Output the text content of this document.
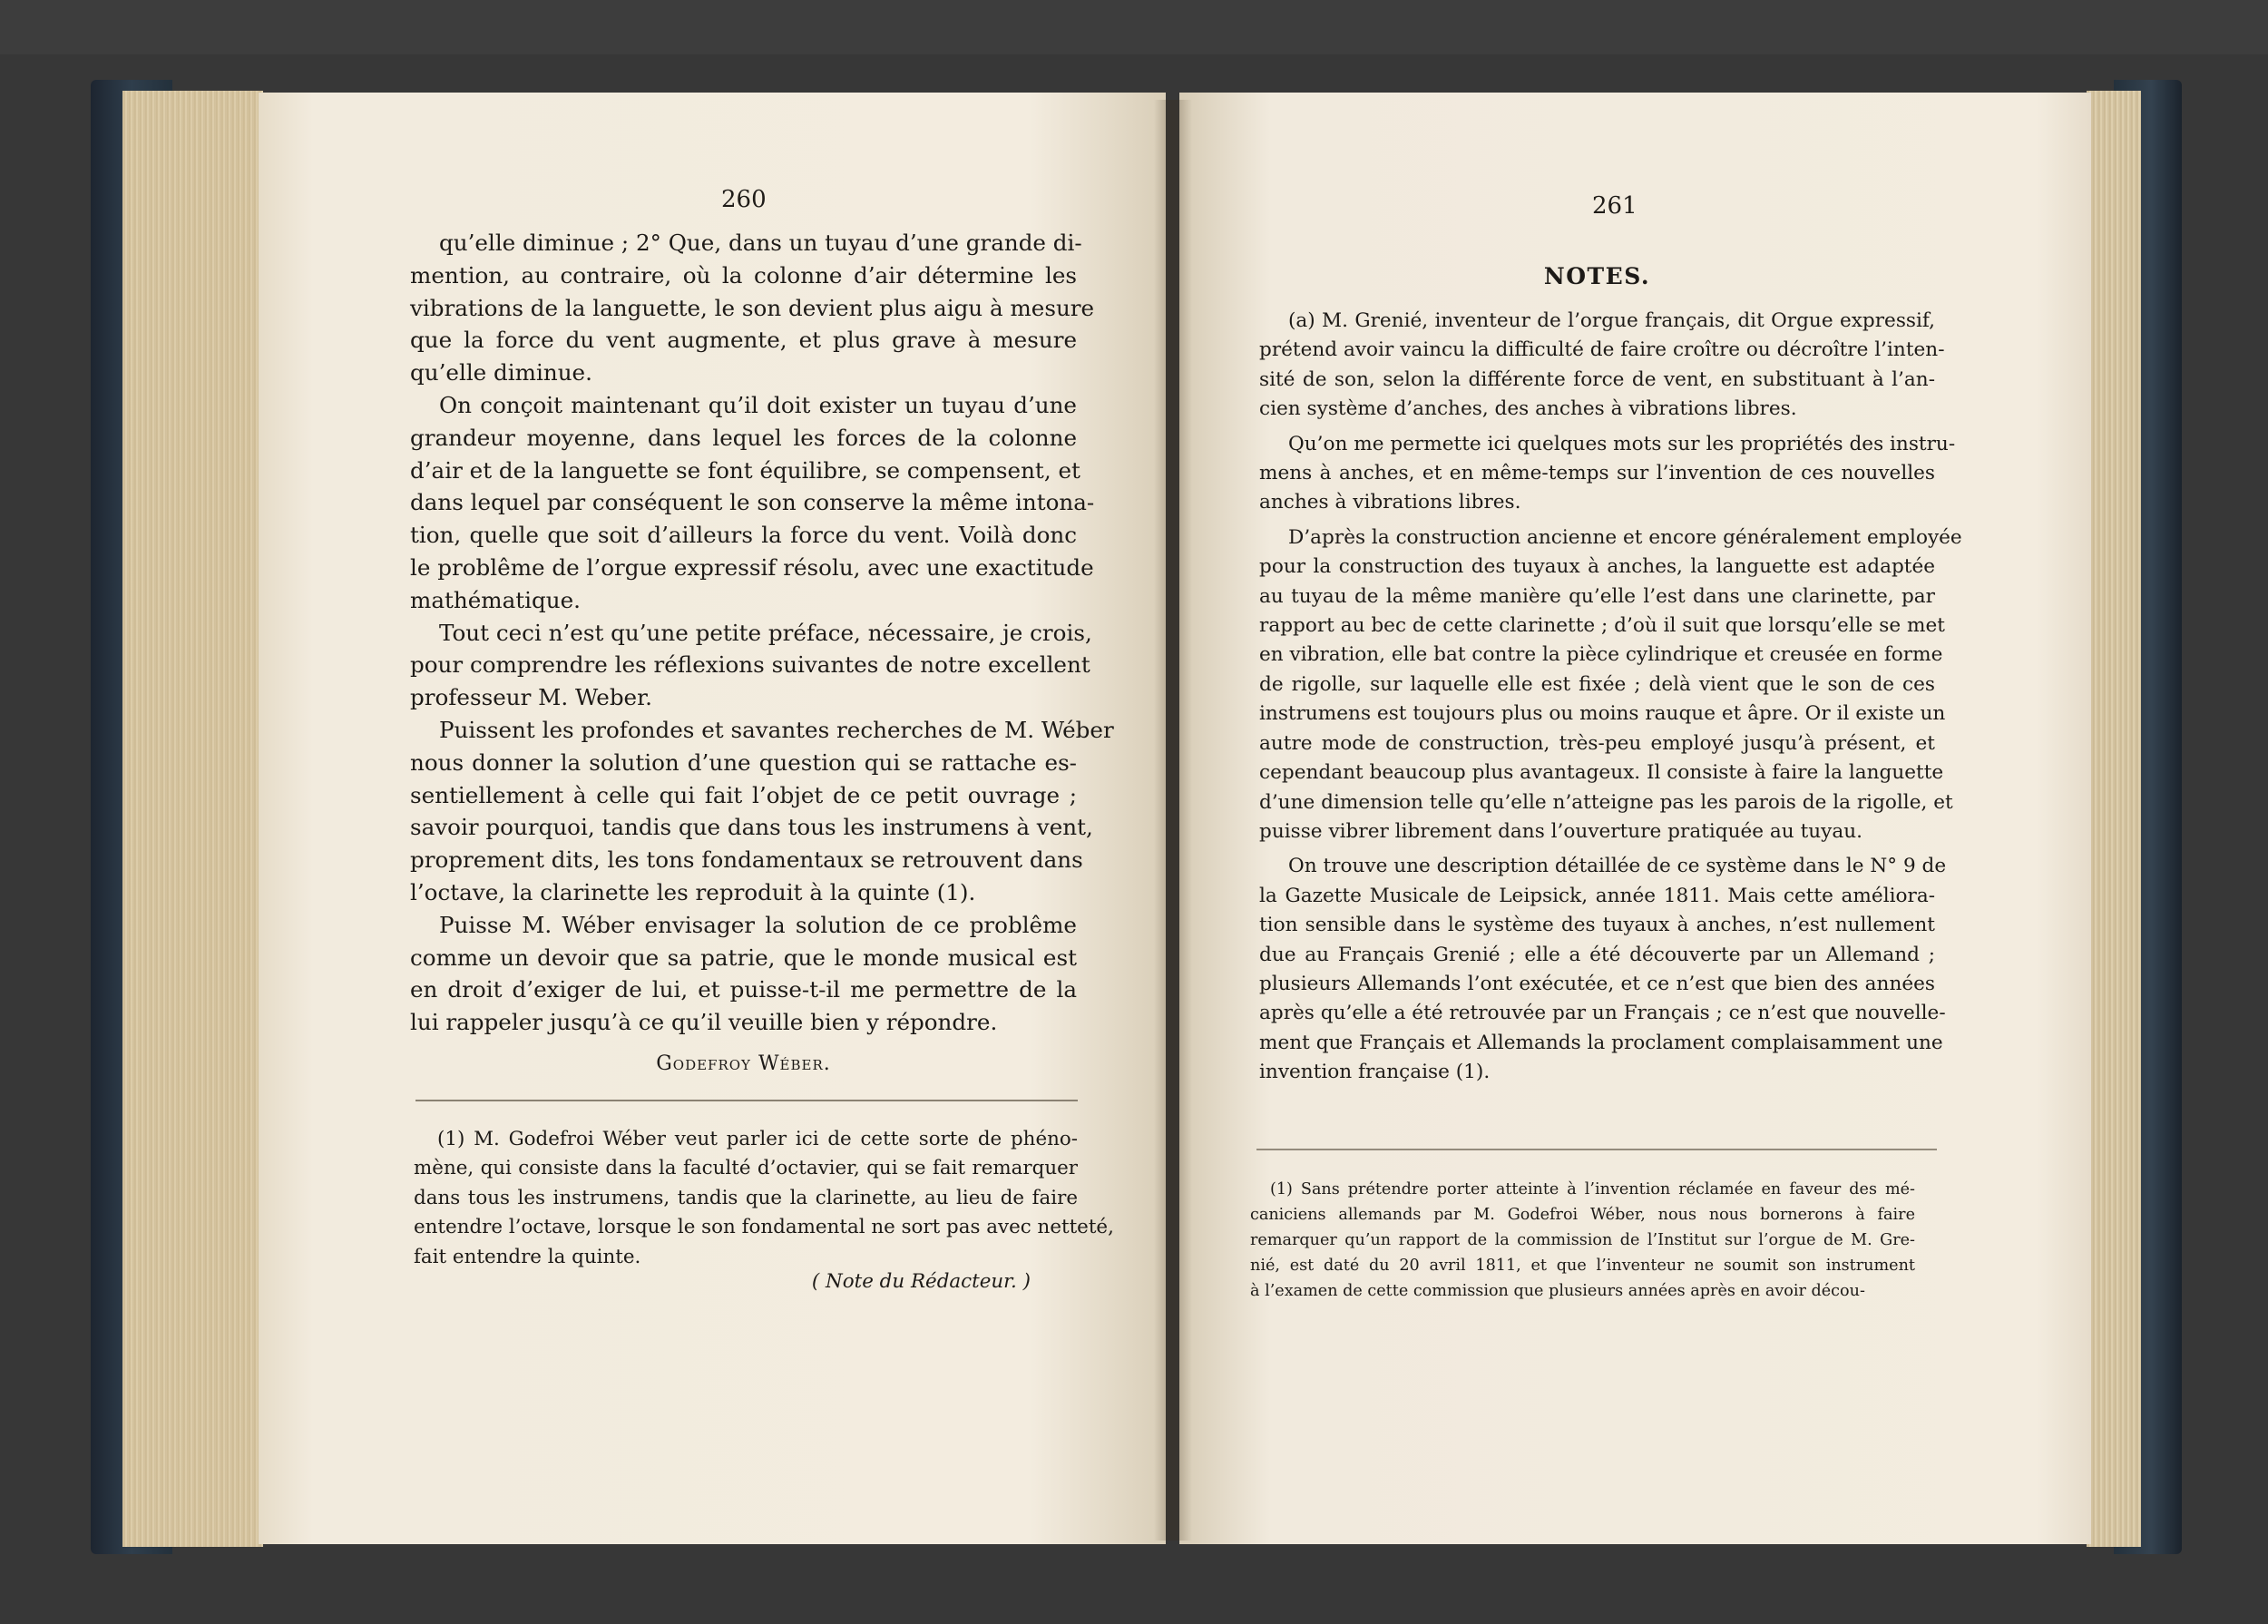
260
qu’elle diminue ; 2° Que, dans un tuyau d’une grande di-
mention, au contraire, où la colonne d’air détermine les
vibrations de la languette, le son devient plus aigu à mesure
que la force du vent augmente, et plus grave à mesure
qu’elle diminue.
On conçoit maintenant qu’il doit exister un tuyau d’une
grandeur moyenne, dans lequel les forces de la colonne
d’air et de la languette se font équilibre, se compensent, et
dans lequel par conséquent le son conserve la même intona-
tion, quelle que soit d’ailleurs la force du vent. Voilà donc
le problême de l’orgue expressif résolu, avec une exactitude
mathématique.
Tout ceci n’est qu’une petite préface, nécessaire, je crois,
pour comprendre les réflexions suivantes de notre excellent
professeur M. Weber.
Puissent les profondes et savantes recherches de M. Wéber
nous donner la solution d’une question qui se rattache es-
sentiellement à celle qui fait l’objet de ce petit ouvrage ;
savoir pourquoi, tandis que dans tous les instrumens à vent,
proprement dits, les tons fondamentaux se retrouvent dans
l’octave, la clarinette les reproduit à la quinte (1).
Puisse M. Wéber envisager la solution de ce problême
comme un devoir que sa patrie, que le monde musical est
en droit d’exiger de lui, et puisse-t-il me permettre de la
lui rappeler jusqu’à ce qu’il veuille bien y répondre.
Godefroy Wéber.
(1) M. Godefroi Wéber veut parler ici de cette sorte de phéno-
mène, qui consiste dans la faculté d’octavier, qui se fait remarquer
dans tous les instrumens, tandis que la clarinette, au lieu de faire
entendre l’octave, lorsque le son fondamental ne sort pas avec netteté,
fait entendre la quinte.
( Note du Rédacteur. )
261
NOTES.
(a) M. Grenié, inventeur de l’orgue français, dit Orgue expressif,
prétend avoir vaincu la difficulté de faire croître ou décroître l’inten-
sité de son, selon la différente force de vent, en substituant à l’an-
cien système d’anches, des anches à vibrations libres.
Qu’on me permette ici quelques mots sur les propriétés des instru-
mens à anches, et en même-temps sur l’invention de ces nouvelles
anches à vibrations libres.
D’après la construction ancienne et encore généralement employée
pour la construction des tuyaux à anches, la languette est adaptée
au tuyau de la même manière qu’elle l’est dans une clarinette, par
rapport au bec de cette clarinette ; d’où il suit que lorsqu’elle se met
en vibration, elle bat contre la pièce cylindrique et creusée en forme
de rigolle, sur laquelle elle est fixée ; delà vient que le son de ces
instrumens est toujours plus ou moins rauque et âpre. Or il existe un
autre mode de construction, très-peu employé jusqu’à présent, et
cependant beaucoup plus avantageux. Il consiste à faire la languette
d’une dimension telle qu’elle n’atteigne pas les parois de la rigolle, et
puisse vibrer librement dans l’ouverture pratiquée au tuyau.
On trouve une description détaillée de ce système dans le N° 9 de
la Gazette Musicale de Leipsick, année 1811. Mais cette améliora-
tion sensible dans le système des tuyaux à anches, n’est nullement
due au Français Grenié ; elle a été découverte par un Allemand ;
plusieurs Allemands l’ont exécutée, et ce n’est que bien des années
après qu’elle a été retrouvée par un Français ; ce n’est que nouvelle-
ment que Français et Allemands la proclament complaisamment une
invention française (1).
(1) Sans prétendre porter atteinte à l’invention réclamée en faveur des mé-
caniciens allemands par M. Godefroi Wéber, nous nous bornerons à faire
remarquer qu’un rapport de la commission de l’Institut sur l’orgue de M. Gre-
nié, est daté du 20 avril 1811, et que l’inventeur ne soumit son instrument
à l’examen de cette commission que plusieurs années après en avoir décou-
